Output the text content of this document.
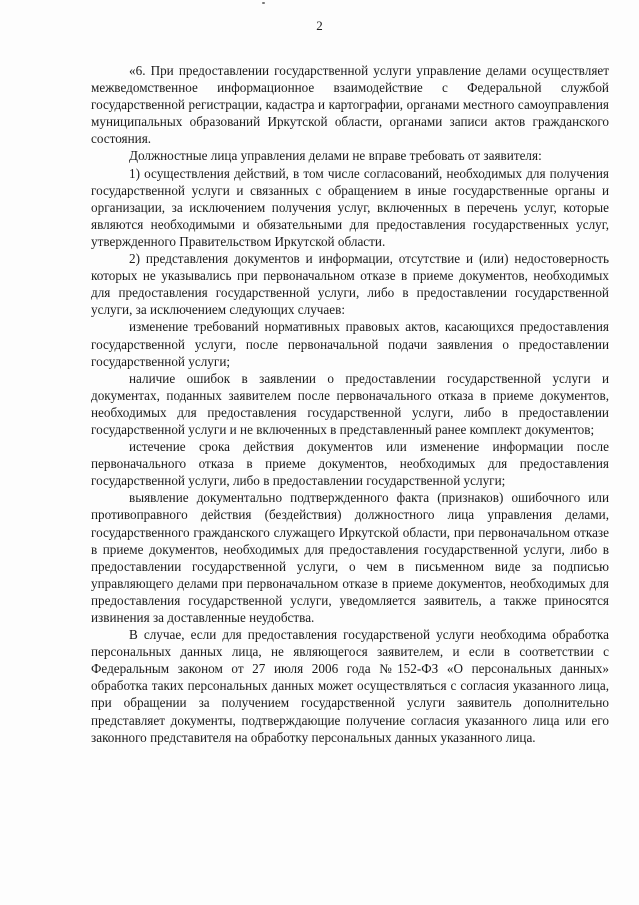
2

«6. При предоставлении государственной услуги управление делами осуществляет межведомственное информационное взаимодействие с Федеральной службой государственной регистрации, кадастра и картографии, органами местного самоуправления муниципальных образований Иркутской области, органами записи актов гражданского состояния.

Должностные лица управления делами не вправе требовать от заявителя:

1) осуществления действий, в том числе согласований, необходимых для получения государственной услуги и связанных с обращением в иные государственные органы и организации, за исключением получения услуг, включенных в перечень услуг, которые являются необходимыми и обязательными для предоставления государственных услуг, утвержденного Правительством Иркутской области.

2) представления документов и информации, отсутствие и (или) недостоверность которых не указывались при первоначальном отказе в приеме документов, необходимых для предоставления государственной услуги, либо в предоставлении государственной услуги, за исключением следующих случаев:

изменение требований нормативных правовых актов, касающихся предоставления государственной услуги, после первоначальной подачи заявления о предоставлении государственной услуги;

наличие ошибок в заявлении о предоставлении государственной услуги и документах, поданных заявителем после первоначального отказа в приеме документов, необходимых для предоставления государственной услуги, либо в предоставлении государственной услуги и не включенных в представленный ранее комплект документов;

истечение срока действия документов или изменение информации после первоначального отказа в приеме документов, необходимых для предоставления государственной услуги, либо в предоставлении государственной услуги;

выявление документально подтвержденного факта (признаков) ошибочного или противоправного действия (бездействия) должностного лица управления делами, государственного гражданского служащего Иркутской области, при первоначальном отказе в приеме документов, необходимых для предоставления государственной услуги, либо в предоставлении государственной услуги, о чем в письменном виде за подписью управляющего делами при первоначальном отказе в приеме документов, необходимых для предоставления государственной услуги, уведомляется заявитель, а также приносятся извинения за доставленные неудобства.

В случае, если для предоставления государственой услуги необходима обработка персональных данных лица, не являющегося заявителем, и если в соответствии с Федеральным законом от 27 июля 2006 года №152-ФЗ «О персональных данных» обработка таких персональных данных может осуществляться с согласия указанного лица, при обращении за получением государственной услуги заявитель дополнительно представляет документы, подтверждающие получение согласия указанного лица или его законного представителя на обработку персональных данных указанного лица.
